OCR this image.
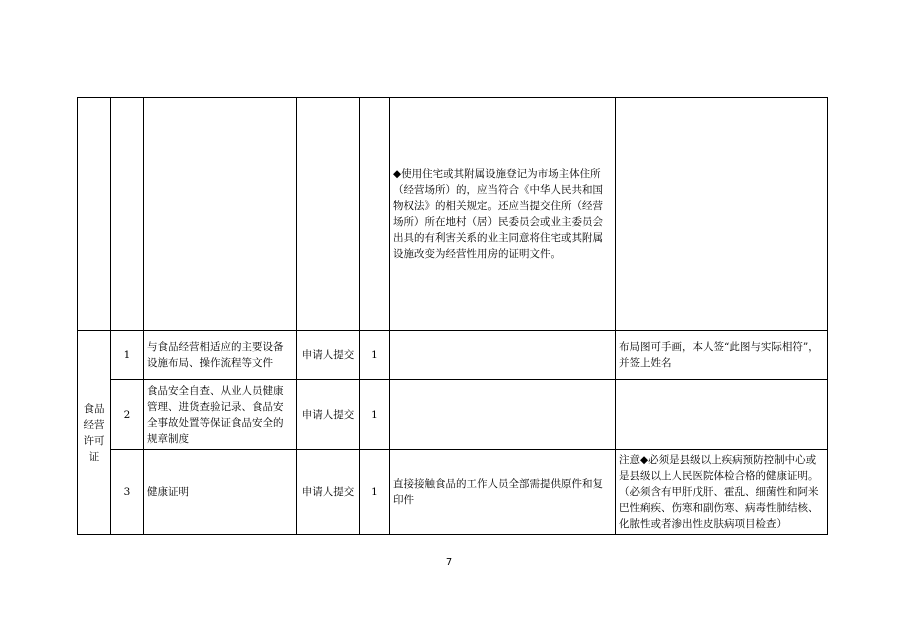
					◆使用住宅或其附属设施登记为市场主体住所（经营场所）的，应当符合《中华人民共和国物权法》的相关规定。还应当提交住所（经营场所）所在地村（居）民委员会或业主委员会出具的有利害关系的业主同意将住宅或其附属设施改变为经营性用房的证明文件。	
食品经营许可证	1	与食品经营相适应的主要设备设施布局、操作流程等文件	申请人提交	1		布局图可手画，本人签“此图与实际相符”，并签上姓名
	2	食品安全自查、从业人员健康管理、进货查验记录、食品安全事故处置等保证食品安全的规章制度	申请人提交	1		
	3	健康证明	申请人提交	1	直接接触食品的工作人员全部需提供原件和复印件	注意◆必须是县级以上疾病预防控制中心或是县级以上人民医院体检合格的健康证明。（必须含有甲肝戊肝、霍乱、细菌性和阿米巴性痢疾、伤寒和副伤寒、病毒性肺结核、化脓性或者渗出性皮肤病项目检查）
7
